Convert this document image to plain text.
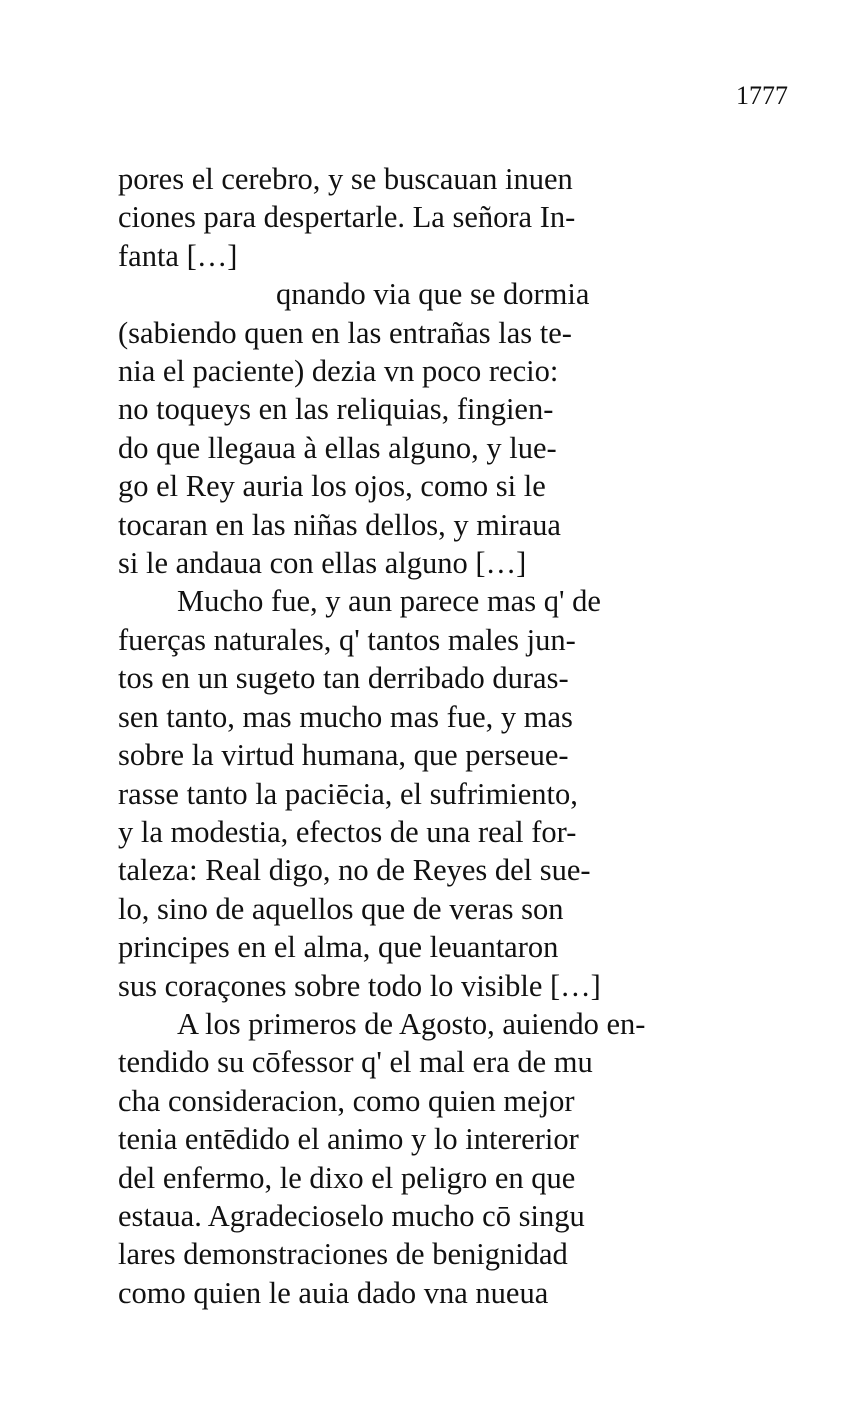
1777
pores el cerebro, y se buscauan inuen
ciones para despertarle. La señora In-
fanta […]
qnando via que se dormia
(sabiendo quen en las entrañas las te-
nia el paciente) dezia vn poco recio:
no toqueys en las reliquias, fingien-
do que llegaua à ellas alguno, y lue-
go el Rey auria los ojos, como si le
tocaran en las niñas dellos, y miraua
si le andaua con ellas alguno […]
Mucho fue, y aun parece mas q' de
fuerças naturales, q' tantos males jun-
tos en un sugeto tan derribado duras-
sen tanto, mas mucho mas fue, y mas
sobre la virtud humana, que perseue-
rasse tanto la paciēcia, el sufrimiento,
y la modestia, efectos de una real for-
taleza: Real digo, no de Reyes del sue-
lo, sino de aquellos que de veras son
principes en el alma, que leuantaron
sus coraçones sobre todo lo visible […]
A los primeros de Agosto, auiendo en-
tendido su cōfessor q' el mal era de mu
cha consideracion, como quien mejor
tenia entēdido el animo y lo intererior
del enfermo, le dixo el peligro en que
estaua. Agradecioselo mucho cō singu
lares demonstraciones de benignidad
como quien le auia dado vna nueua
